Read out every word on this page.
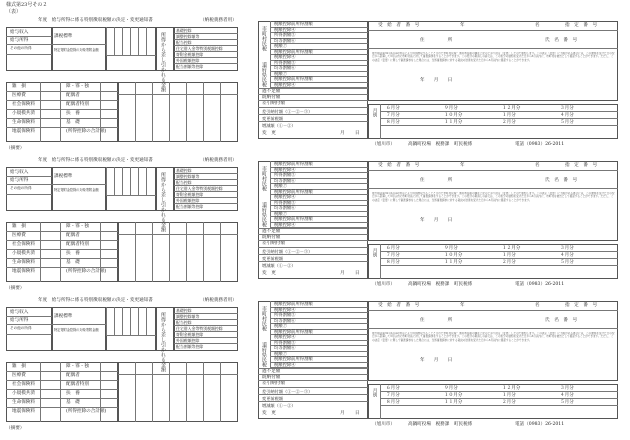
様式第23号その２
（表）
年度　給与所得に係る特別徴収税額の決定・変更通知書	（納税義務者用）
給与収入
給与所得
その他の所得
課税標準
特定寄附金控除の対象寄附金額	所得から差し引かれる金額
基礎控除
調整控除額等
配当控除
住宅借入金等特別税額控除
寄附金税額控除
外国税額控除
配当割額等控除
雑　損	障・寡・独
医療費	配偶者
社会保険料	配偶者特別
小規模共済	扶　養
生命保険料	基　礎
地震保険料	(所得控除の合計額)
（摘要）
市町村民税
道府県民税
税額控除前所得割額
税額控除④
所得割額⑤
均等割額⑥
税額⑦
税額控除前所得割額
税額控除④
所得割額⑤
均等割額⑥
税額⑦
税額控除前所得割額
税額控除④
過不足額
既納付額
差引納付額
差引納付額（①－②－③）
変更前税額
増減額（①－②）
変　更	月 日
月別 ６月分	９月分	１２月分	３月分
７月分	１０月分	１月分	４月分
８月分	１１月分	２月分	５月分
受　給　者　番　号	年	名	指　定　番　号
住　　　　　所	氏　名　番　号
地方税法第321条の4の規定により特別徴収することとされた市町村民税・道府県民税の額を上記のとおり決定（変更）したので通知します。この決定（変更）に不服がある場合には、この通知を受けた日の翌日から起算して3月以内に市町村長に対して審査請求をすることができます。この処分の取消しの訴えは、この処分の通知を受けた日から6月以内に、市町村を被告として提起することができます。ただし、この決定（変更）に関して審査請求をした場合には、当該審査請求に対する裁決の送達を受けた日から6月以内に提起することができます。
年　　月　　日
（旭川市）	高鍋町役場　税務課　町民税係	電話（0983）26-2011
年度　給与所得に係る特別徴収税額の決定・変更通知書	（納税義務者用）
給与収入
給与所得
その他の所得
課税標準
特定寄附金控除の対象寄附金額	所得から差し引かれる金額
基礎控除
調整控除額等
配当控除
住宅借入金等特別税額控除
寄附金税額控除
外国税額控除
配当割額等控除
雑　損	障・寡・独
医療費	配偶者
社会保険料	配偶者特別
小規模共済	扶　養
生命保険料	基　礎
地震保険料	(所得控除の合計額)
（摘要）
市町村民税
道府県民税
税額控除前所得割額
税額控除④
所得割額⑤
均等割額⑥
税額⑦
税額控除前所得割額
税額控除④
所得割額⑤
均等割額⑥
税額⑦
税額控除前所得割額
税額控除④
過不足額
既納付額
差引納付額
差引納付額（①－②－③）
変更前税額
増減額（①－②）
変　更	月 日
月別 ６月分	９月分	１２月分	３月分
７月分	１０月分	１月分	４月分
８月分	１１月分	２月分	５月分
受　給　者　番　号	年	名	指　定　番　号
住　　　　　所	氏　名　番　号
地方税法第321条の4の規定により特別徴収することとされた市町村民税・道府県民税の額を上記のとおり決定（変更）したので通知します。この決定（変更）に不服がある場合には、この通知を受けた日の翌日から起算して3月以内に市町村長に対して審査請求をすることができます。この処分の取消しの訴えは、この処分の通知を受けた日から6月以内に、市町村を被告として提起することができます。ただし、この決定（変更）に関して審査請求をした場合には、当該審査請求に対する裁決の送達を受けた日から6月以内に提起することができます。
年　　月　　日
（旭川市）	高鍋町役場　税務課　町民税係	電話（0983）26-2011
年度　給与所得に係る特別徴収税額の決定・変更通知書	（納税義務者用）
給与収入
給与所得
その他の所得
課税標準
特定寄附金控除の対象寄附金額	所得から差し引かれる金額
基礎控除
調整控除額等
配当控除
住宅借入金等特別税額控除
寄附金税額控除
外国税額控除
配当割額等控除
雑　損	障・寡・独
医療費	配偶者
社会保険料	配偶者特別
小規模共済	扶　養
生命保険料	基　礎
地震保険料	(所得控除の合計額)
（摘要）
市町村民税
道府県民税
税額控除前所得割額
税額控除④
所得割額⑤
均等割額⑥
税額⑦
税額控除前所得割額
税額控除④
所得割額⑤
均等割額⑥
税額⑦
税額控除前所得割額
税額控除④
過不足額
既納付額
差引納付額
差引納付額（①－②－③）
変更前税額
増減額（①－②）
変　更	月 日
月別 ６月分	９月分	１２月分	３月分
７月分	１０月分	１月分	４月分
８月分	１１月分	２月分	５月分
受　給　者　番　号	年	名	指　定　番　号
住　　　　　所	氏　名　番　号
地方税法第321条の4の規定により特別徴収することとされた市町村民税・道府県民税の額を上記のとおり決定（変更）したので通知します。この決定（変更）に不服がある場合には、この通知を受けた日の翌日から起算して3月以内に市町村長に対して審査請求をすることができます。この処分の取消しの訴えは、この処分の通知を受けた日から6月以内に、市町村を被告として提起することができます。ただし、この決定（変更）に関して審査請求をした場合には、当該審査請求に対する裁決の送達を受けた日から6月以内に提起することができます。
年　　月　　日
（旭川市）	高鍋町役場　税務課　町民税係	電話（0983）26-2011
